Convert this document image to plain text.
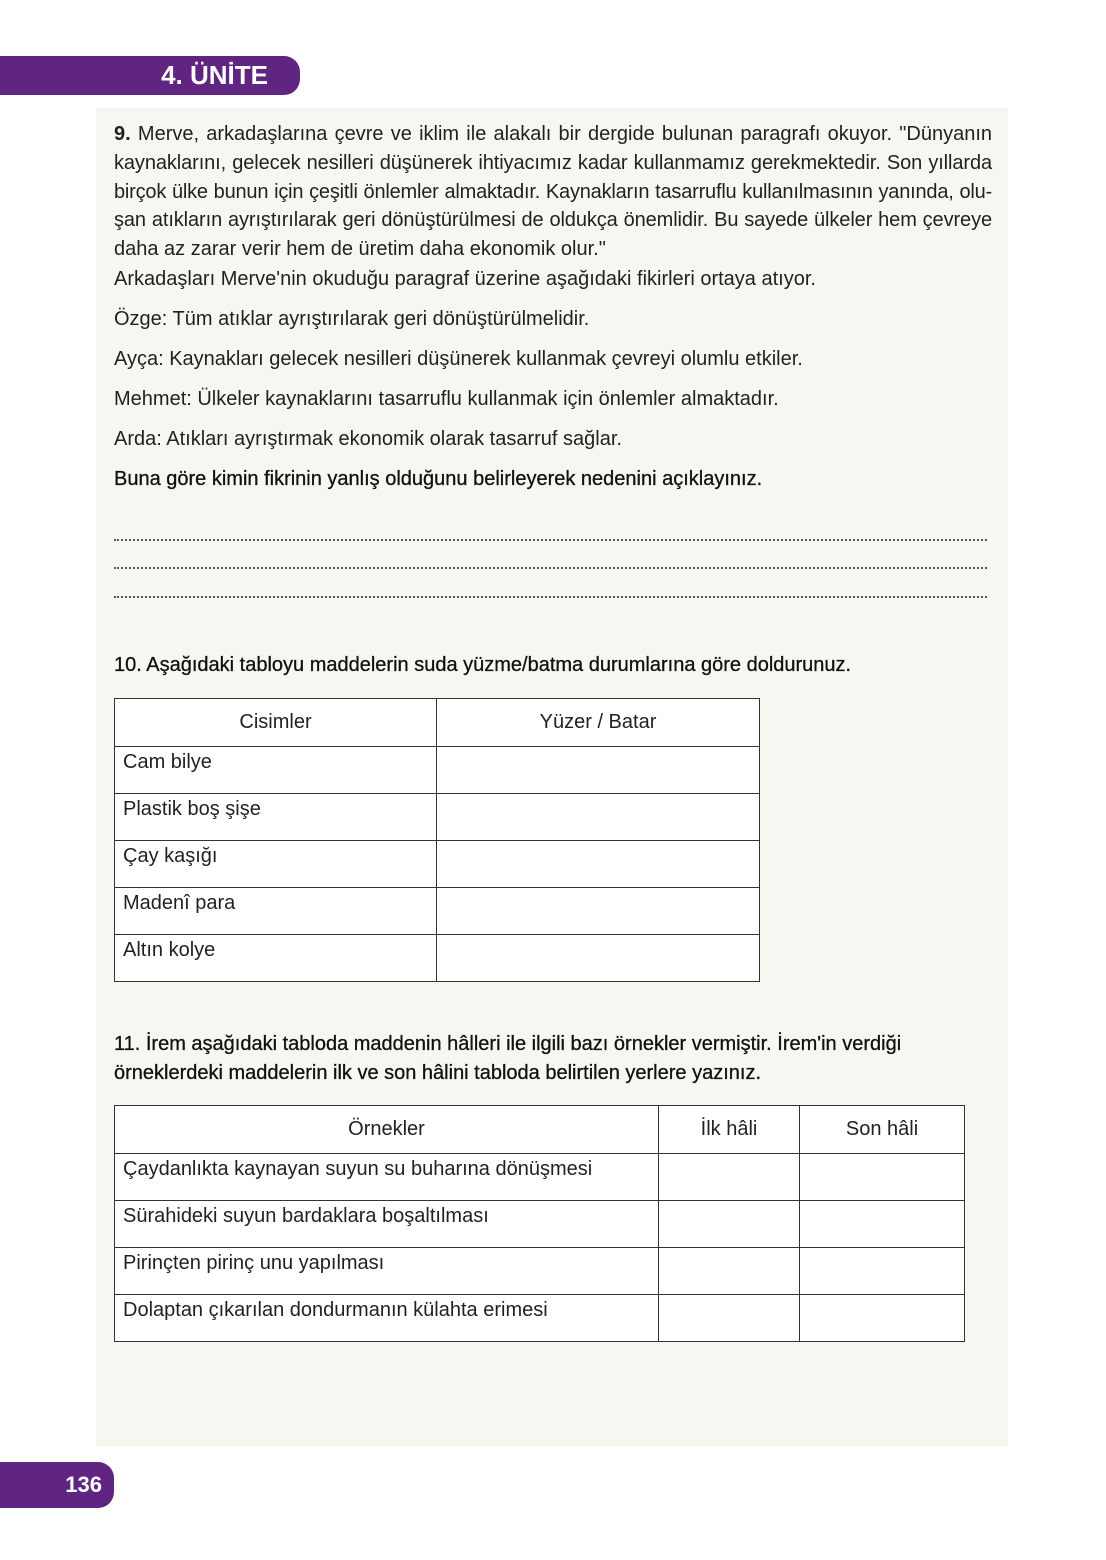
4. ÜNİTE
9. Merve, arkadaşlarına çevre ve iklim ile alakalı bir dergide bulunan paragrafı okuyor. "Dünyanın
kaynaklarını, gelecek nesilleri düşünerek ihtiyacımız kadar kullanmamız gerekmektedir. Son yıllarda
birçok ülke bunun için çeşitli önlemler almaktadır. Kaynakların tasarruflu kullanılmasının yanında, olu-
şan atıkların ayrıştırılarak geri dönüştürülmesi de oldukça önemlidir. Bu sayede ülkeler hem çevreye
daha az zarar verir hem de üretim daha ekonomik olur."
Arkadaşları Merve'nin okuduğu paragraf üzerine aşağıdaki fikirleri ortaya atıyor.
Özge: Tüm atıklar ayrıştırılarak geri dönüştürülmelidir.
Ayça: Kaynakları gelecek nesilleri düşünerek kullanmak çevreyi olumlu etkiler.
Mehmet: Ülkeler kaynaklarını tasarruflu kullanmak için önlemler almaktadır.
Arda: Atıkları ayrıştırmak ekonomik olarak tasarruf sağlar.
Buna göre kimin fikrinin yanlış olduğunu belirleyerek nedenini açıklayınız.
10. Aşağıdaki tabloyu maddelerin suda yüzme/batma durumlarına göre doldurunuz.
Cisimler	Yüzer / Batar
Cam bilye	
Plastik boş şişe	
Çay kaşığı	
Madenî para	
Altın kolye	
11. İrem aşağıdaki tabloda maddenin hâlleri ile ilgili bazı örnekler vermiştir. İrem'in verdiği
örneklerdeki maddelerin ilk ve son hâlini tabloda belirtilen yerlere yazınız.
Örnekler	İlk hâli	Son hâli
Çaydanlıkta kaynayan suyun su buharına dönüşmesi		
Sürahideki suyun bardaklara boşaltılması		
Pirinçten pirinç unu yapılması		
Dolaptan çıkarılan dondurmanın külahta erimesi		
136
